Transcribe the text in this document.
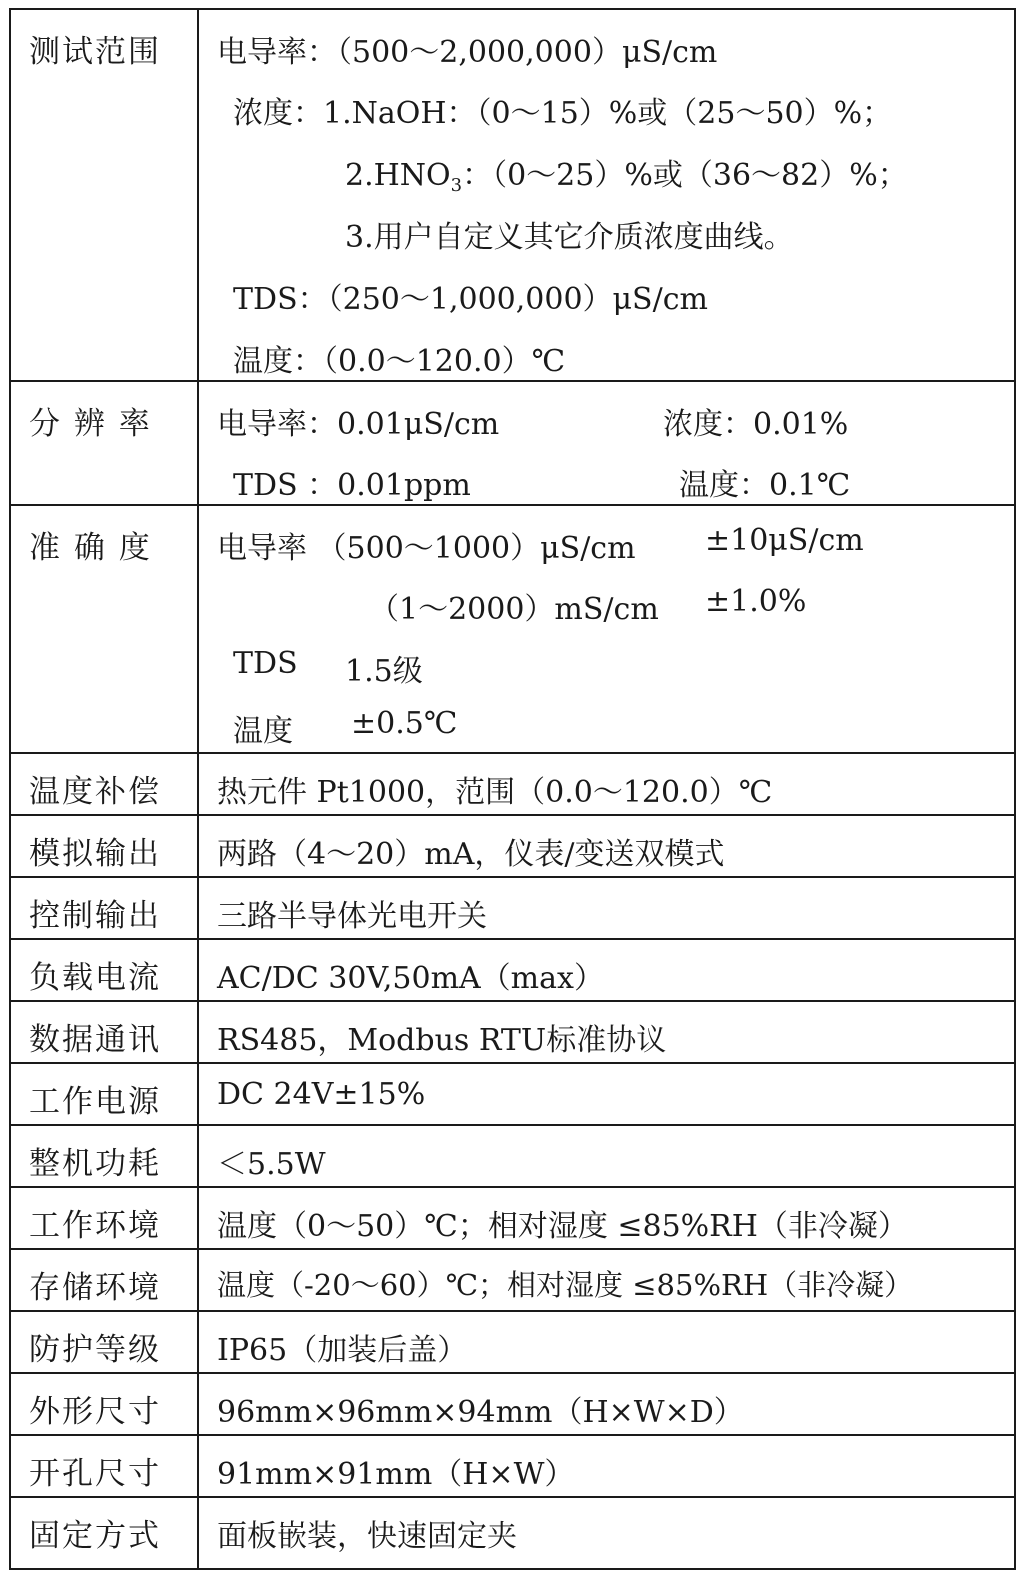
测试范围 电导率：（500～2,000,000）μS/cm
浓度：1.NaOH：（0～15）%或（25～50）%；
$2.HNO_3$：（0～25）%或（36～82）%；
3.用户自定义其它介质浓度曲线。
TDS：（250～1,000,000）μS/cm
温度：（0.0～120.0）℃
分 辨 率 电导率：0.01μS/cm	浓度：0.01%
TDS ：0.01ppm	温度：0.1℃
准 确 度 电导率 （500～1000）μS/cm ±10μS/cm
（1～2000）mS/cm ±1.0%
TDS 1.5级
温度 ±0.5℃
温度补偿 热元件 Pt1000，范围（0.0～120.0）℃
模拟输出 两路（4～20）mA，仪表/变送双模式
控制输出 三路半导体光电开关
负载电流 AC/DC 30V,50mA（max）
数据通讯 RS485，Modbus RTU标准协议
工作电源 DC 24V±15%
整机功耗 ＜5.5W
工作环境 温度（0～50）℃；相对湿度 ≤85%RH（非冷凝）
存储环境 温度（-20～60）℃；相对湿度 ≤85%RH（非冷凝）
防护等级 IP65（加装后盖）
外形尺寸 96mm×96mm×94mm（H×W×D）
开孔尺寸 91mm×91mm（H×W）
固定方式 面板嵌装，快速固定夹
